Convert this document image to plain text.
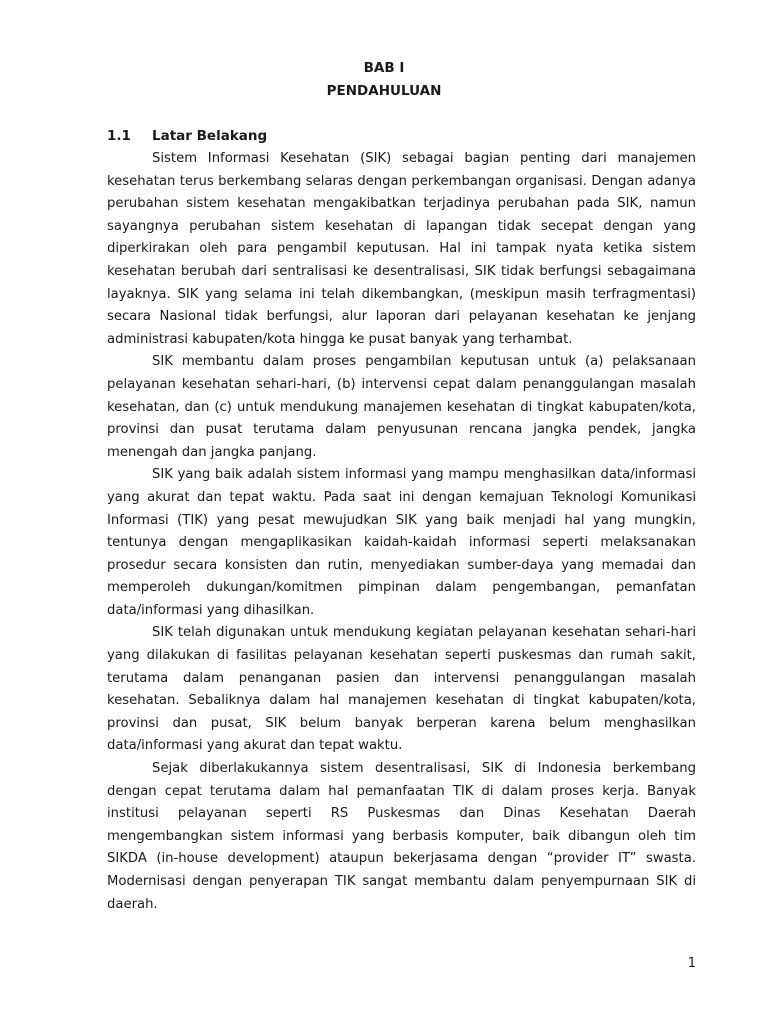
BAB I
PENDAHULUAN
1.1 Latar Belakang

Sistem Informasi Kesehatan (SIK) sebagai bagian penting dari manajemen kesehatan terus berkembang selaras dengan perkembangan organisasi. Dengan adanya perubahan sistem kesehatan mengakibatkan terjadinya perubahan pada SIK, namun sayangnya perubahan sistem kesehatan di lapangan tidak secepat dengan yang diperkirakan oleh para pengambil keputusan. Hal ini tampak nyata ketika sistem kesehatan berubah dari sentralisasi ke desentralisasi, SIK tidak berfungsi sebagaimana layaknya. SIK yang selama ini telah dikembangkan, (meskipun masih terfragmentasi) secara Nasional tidak berfungsi, alur laporan dari pelayanan kesehatan ke jenjang administrasi kabupaten/kota hingga ke pusat banyak yang terhambat.

SIK membantu dalam proses pengambilan keputusan untuk (a) pelaksanaan pelayanan kesehatan sehari-hari, (b) intervensi cepat dalam penanggulangan masalah kesehatan, dan (c) untuk mendukung manajemen kesehatan di tingkat kabupaten/kota, provinsi dan pusat terutama dalam penyusunan rencana jangka pendek, jangka menengah dan jangka panjang.

SIK yang baik adalah sistem informasi yang mampu menghasilkan data/informasi yang akurat dan tepat waktu. Pada saat ini dengan kemajuan Teknologi Komunikasi Informasi (TIK) yang pesat mewujudkan SIK yang baik menjadi hal yang mungkin, tentunya dengan mengaplikasikan kaidah-kaidah informasi seperti melaksanakan prosedur secara konsisten dan rutin, menyediakan sumber-daya yang memadai dan memperoleh dukungan/komitmen pimpinan dalam pengembangan, pemanfatan data/informasi yang dihasilkan.

SIK telah digunakan untuk mendukung kegiatan pelayanan kesehatan sehari-hari yang dilakukan di fasilitas pelayanan kesehatan seperti puskesmas dan rumah sakit, terutama dalam penanganan pasien dan intervensi penanggulangan masalah kesehatan. Sebaliknya dalam hal manajemen kesehatan di tingkat kabupaten/kota, provinsi dan pusat, SIK belum banyak berperan karena belum menghasilkan data/informasi yang akurat dan tepat waktu.

Sejak diberlakukannya sistem desentralisasi, SIK di Indonesia berkembang dengan cepat terutama dalam hal pemanfaatan TIK di dalam proses kerja. Banyak institusi pelayanan seperti RS Puskesmas dan Dinas Kesehatan Daerah mengembangkan sistem informasi yang berbasis komputer, baik dibangun oleh tim SIKDA (in-house development) ataupun bekerjasama dengan “provider IT” swasta. Modernisasi dengan penyerapan TIK sangat membantu dalam penyempurnaan SIK di daerah.

1
